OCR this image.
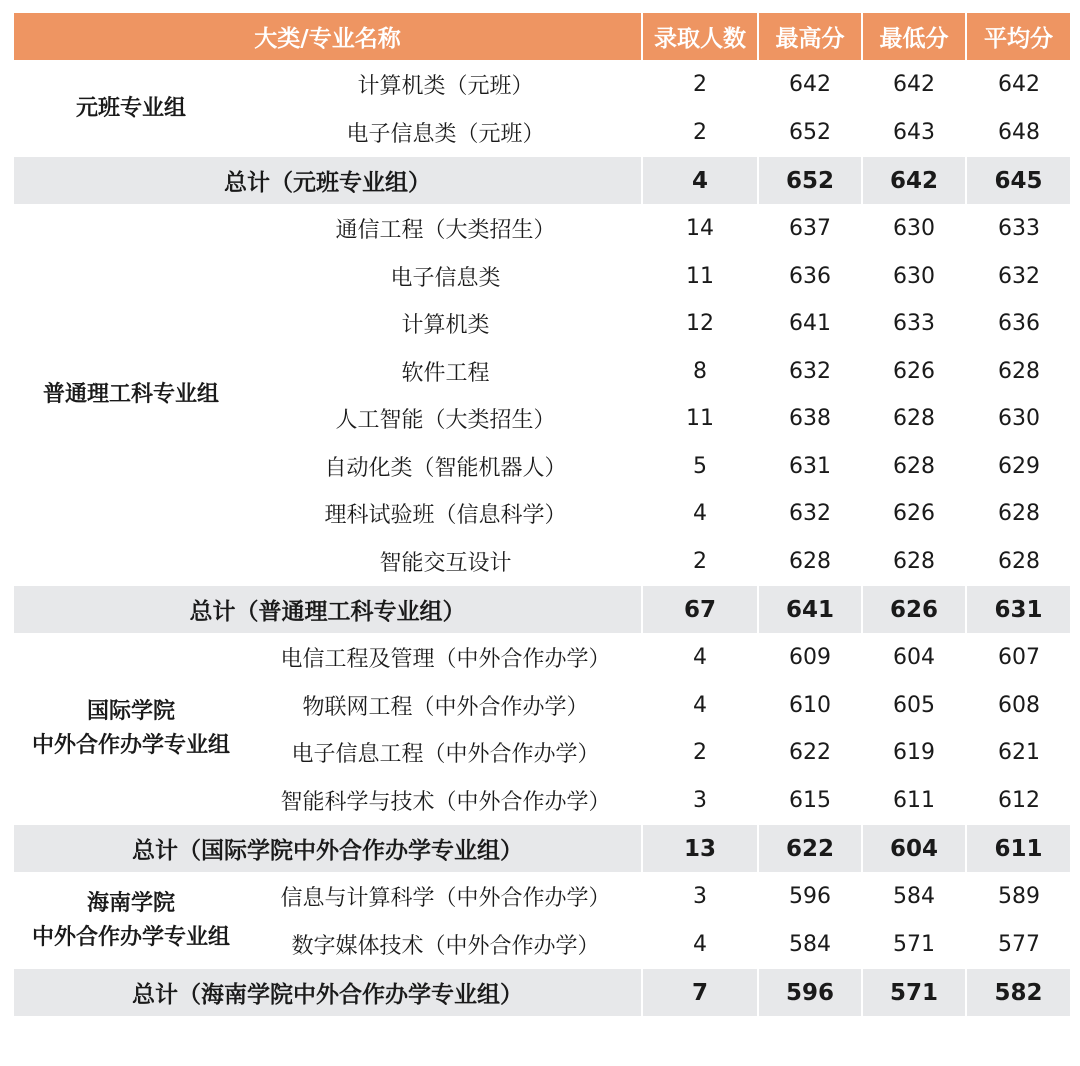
大类/专业名称		录取人数	最高分	最低分	平均分
元班专业组	计算机类（元班）	2	642	642	642
	电子信息类（元班）	2	652	643	648
总计（元班专业组）		4	652	642	645
普通理工科专业组	通信工程（大类招生）	14	637	630	633
	电子信息类	11	636	630	632
	计算机类	12	641	633	636
	软件工程	8	632	626	628
	人工智能（大类招生）	11	638	628	630
	自动化类（智能机器人）	5	631	628	629
	理科试验班（信息科学）	4	632	626	628
	智能交互设计	2	628	628	628
总计（普通理工科专业组）		67	641	626	631
国际学院
中外合作办学专业组	电信工程及管理（中外合作办学）	4	609	604	607
	物联网工程（中外合作办学）	4	610	605	608
	电子信息工程（中外合作办学）	2	622	619	621
	智能科学与技术（中外合作办学）	3	615	611	612
总计（国际学院中外合作办学专业组）		13	622	604	611
海南学院
中外合作办学专业组	信息与计算科学（中外合作办学）	3	596	584	589
	数字媒体技术（中外合作办学）	4	584	571	577
总计（海南学院中外合作办学专业组）		7	596	571	582
